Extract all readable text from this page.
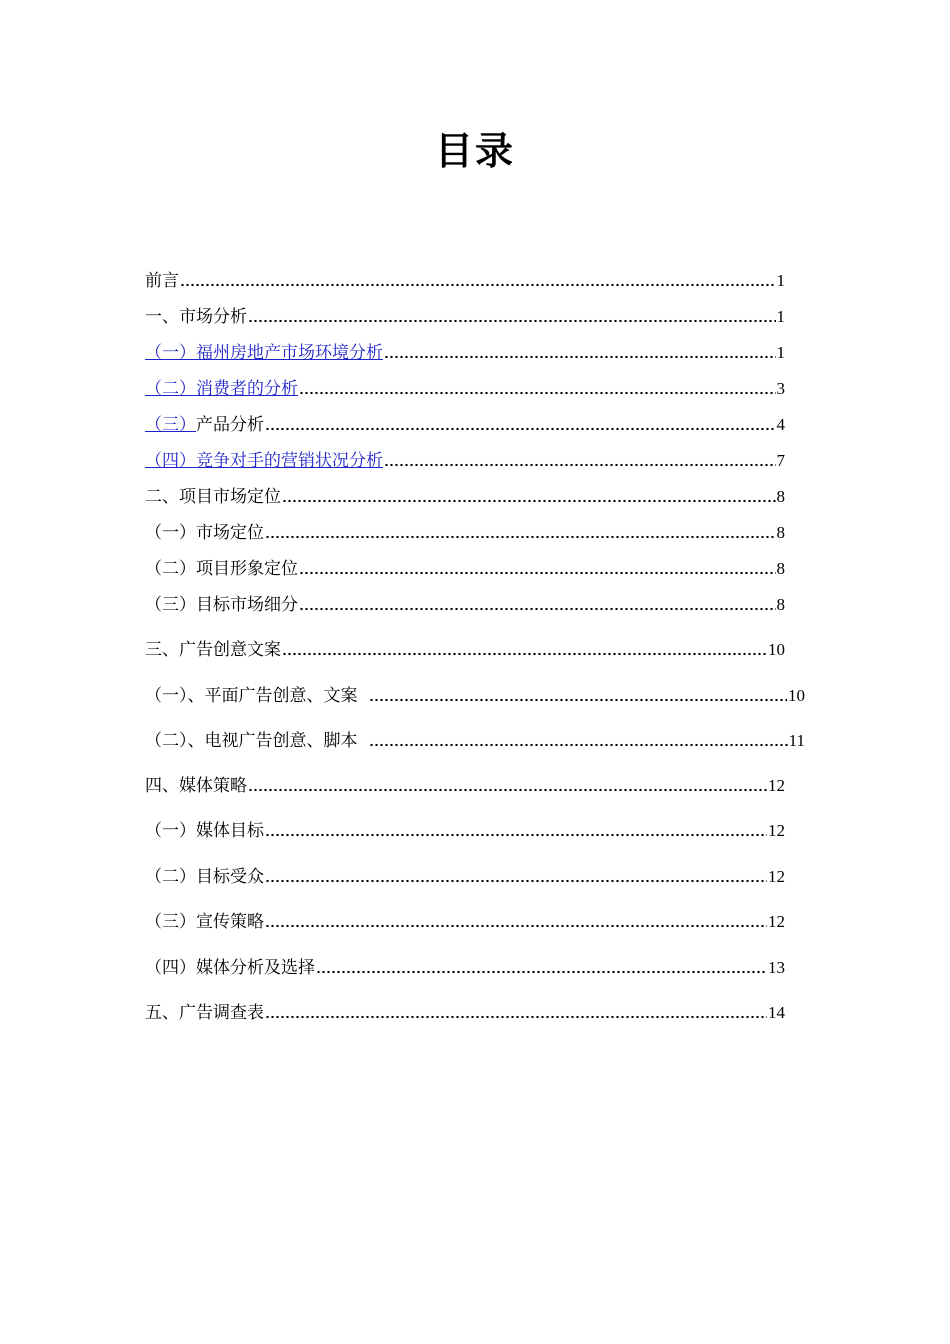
目录
前言	1
一、市场分析	1
（一）福州房地产市场环境分析	1
（二）消费者的分析	3
（三）产品分析	4
（四）竞争对手的营销状况分析	7
二、项目市场定位	8
（一）市场定位	8
（二）项目形象定位	8
（三）目标市场细分	8
三、广告创意文案	10
（一）、平面广告创意、文案	10
（二）、电视广告创意、脚本	11
四、媒体策略	12
（一）媒体目标	12
（二）目标受众	12
（三）宣传策略	12
（四）媒体分析及选择	13
五、广告调查表	14
